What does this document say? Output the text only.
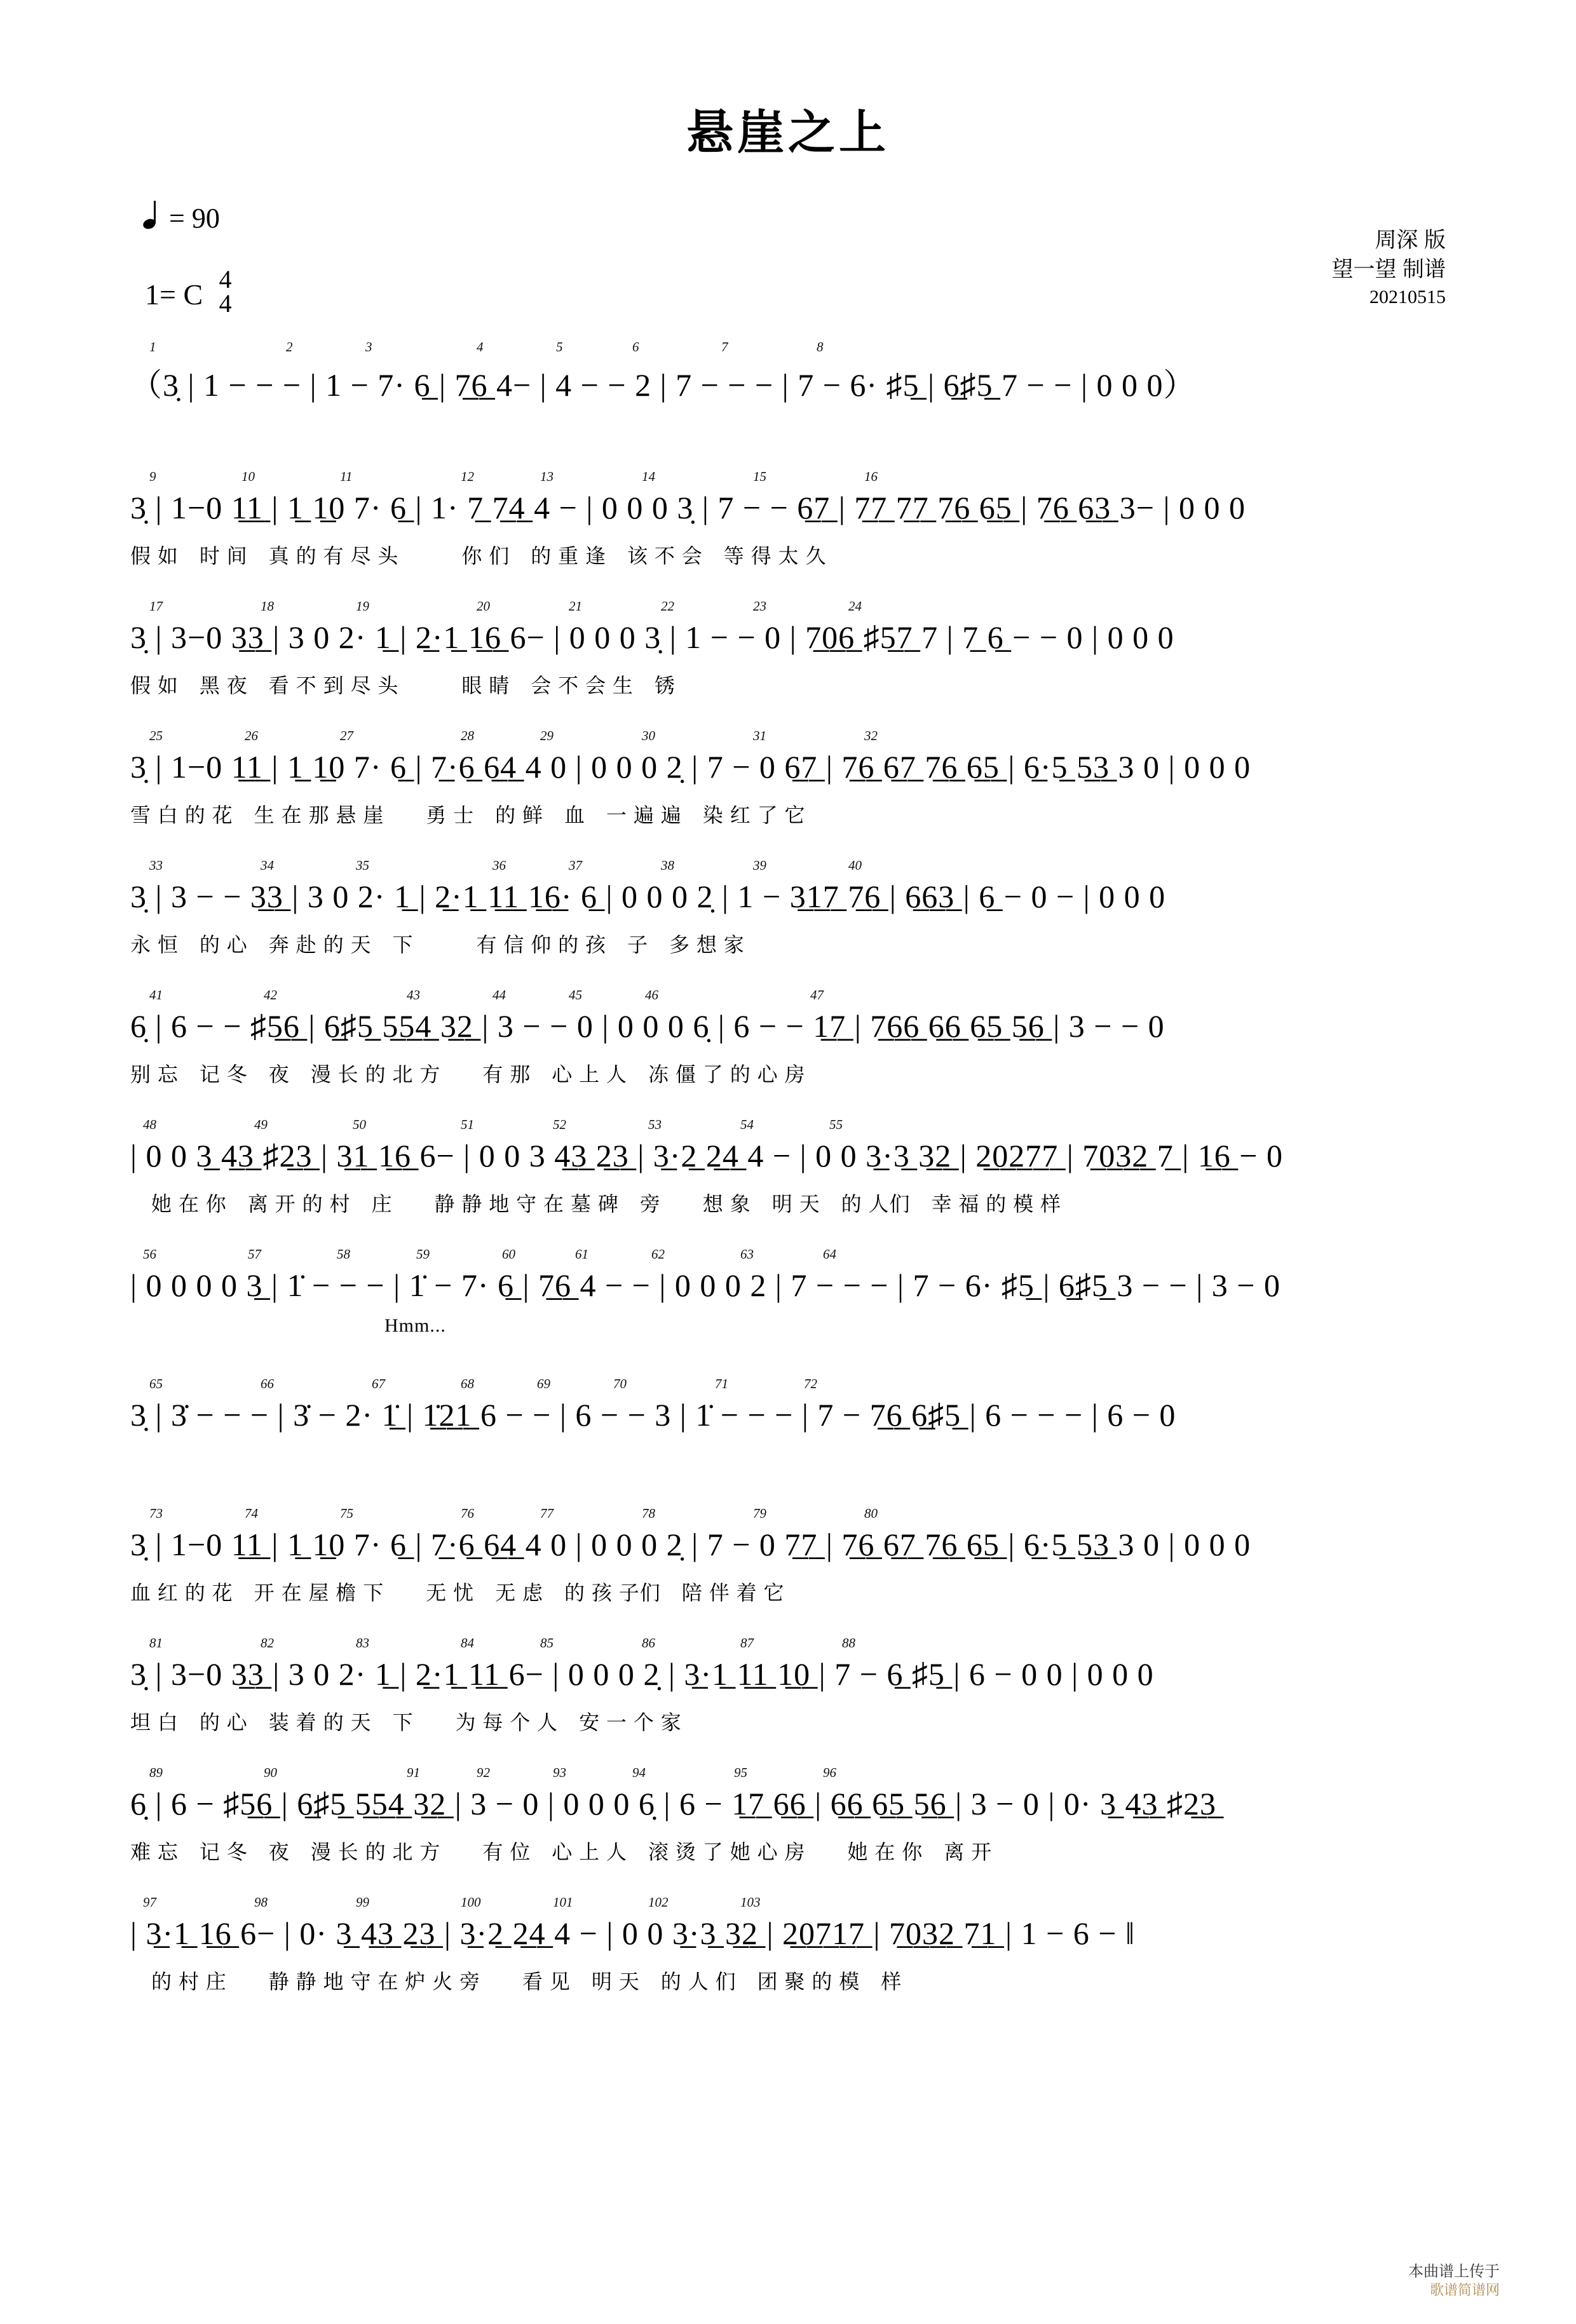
悬崖之上
= 90
1= C 4
4
周深 版
望一望 制谱
20210515
1	2	3	4	5	6	7	8
（3̣ | 1 − − − | 1 − 7· 6̲ | 7̲6̲ 4− | 4 − − 2 | 7 − − − | 7 − 6· ♯5̲ | 6̲♯5̲ 7 − − | 0 0 0）
9	10	11	12	13	14	15	16
3̣ | 1−0 1̲1̲ | 1̲ 1̲0 7· 6̲ | 1· 7̲ 7̲4̲ 4 − | 0 0 0 3̣ | 7 − − 6̲7̲ | 7̲7̲ 7̲7̲ 7̲6̲ 6̲5̲ | 7̲6̲ 6̲3̲ 3− | 0 0 0
假 如　时 间　真 的 有 尽 头　　　你 们　的 重 逢　该 不 会　等 得 太 久
17	18	19	20	21	22	23	24
3̣ | 3−0 3̲3̲ | 3 0 2· 1̲ | 2̲·1̲ 1̲6̲ 6− | 0 0 0 3̣ | 1 − − 0 | 7̲0̲6̲ ♯5̲7̲ 7 | 7̲ 6̲ − − 0 | 0 0 0
假 如　黑 夜　看 不 到 尽 头　　　眼 睛　会 不 会 生　锈
25	26	27	28	29	30	31	32
3̣ | 1−0 1̲1̲ | 1̲ 1̲0 7· 6̲ | 7̲·6̲ 6̲4̲ 4 0 | 0 0 0 2̣ | 7 − 0 6̲7̲ | 7̲6̲ 6̲7̲ 7̲6̲ 6̲5̲ | 6̲·5̲ 5̲3̲ 3 0 | 0 0 0
雪 白 的 花　生 在 那 悬 崖　　勇 士　的 鲜　血　一 遍 遍　染 红 了 它
33	34	35	36	37	38	39	40
3̣ | 3 − − 3̲3̲ | 3 0 2· 1̲ | 2̲·1̲ 1̲1̲ 1̲6̲· 6̲ | 0 0 0 2̣ | 1 − 3̲1̲7̲ 7̲6̲ | 6̲6̲3̲ | 6̲ − 0 − | 0 0 0
永 恒　的 心　奔 赴 的 天　下　　　有 信 仰 的 孩　子　多 想 家
41	42	43	44	45	46	47
6̣ | 6 − − ♯5̲6̲ | 6̲♯5̲ 5̲5̲4̲ 3̲2̲ | 3 − − 0 | 0 0 0 6̣ | 6 − − 1̲7̲ | 7̲6̲6̲ 6̲6̲ 6̲5̲ 5̲6̲ | 3 − − 0
别 忘　记 冬　夜　漫 长 的 北 方　　有 那　心 上 人　冻 僵 了 的 心 房
48	49	50	51	52	53	54	55
| 0 0 3̲ 4̲3̲ ♯2̲3̲ | 3̲1̲ 1̲6̲ 6− | 0 0 3 4̲3̲ 2̲3̲ | 3̲·2̲ 2̲4̲ 4 − | 0 0 3̲·3̲ 3̲2̲ | 2̲0̲2̲7̲7̲ | 7̲0̲3̲2̲ 7̲ | 1̲6̲ − 0
　她 在 你　离 开 的 村　庄　　静 静 地 守 在 墓 碑　旁　　想 象　明 天　的 人们　幸 福 的 模 样
56	57	58	59	60	61	62	63	64
| 0 0 0 0 3̲ | 1̇ − − − | 1̇ − 7· 6̲ | 7̲6̲ 4 − − | 0 0 0 2 | 7 − − − | 7 − 6· ♯5̲ | 6̲♯5̲ 3 − − | 3 − 0
Hmm...
65	66	67	68	69	70	71	72
3̣ | 3̇ − − − | 3̇ − 2· 1̲̇ | 1̲̇2̲1̲ 6 − − | 6 − − 3 | 1̇ − − − | 7 − 7̲6̲ 6̲♯5̲ | 6 − − − | 6 − 0
73	74	75	76	77	78	79	80
3̣ | 1−0 1̲1̲ | 1̲ 1̲0 7· 6̲ | 7̲·6̲ 6̲4̲ 4 0 | 0 0 0 2̣ | 7 − 0 7̲7̲ | 7̲6̲ 6̲7̲ 7̲6̲ 6̲5̲ | 6̲·5̲ 5̲3̲ 3 0 | 0 0 0
血 红 的 花　开 在 屋 檐 下　　无 忧　无 虑　的 孩 子们　陪 伴 着 它
81	82	83	84	85	86	87	88
3̣ | 3−0 3̲3̲ | 3 0 2· 1̲ | 2̲·1̲ 1̲1̲ 6− | 0 0 0 2̣ | 3̲·1̲ 1̲1̲ 1̲0̲ | 7 − 6̲ ♯5̲ | 6 − 0 0 | 0 0 0
坦 白　的 心　装 着 的 天　下　　为 每 个 人　安 一 个 家
89	90	91	92	93	94	95	96
6̣ | 6 − ♯5̲6̲ | 6̲♯5̲ 5̲5̲4̲ 3̲2̲ | 3 − 0 | 0 0 0 6̣ | 6 − 1̲7̲ 6̲6̲ | 6̲6̲ 6̲5̲ 5̲6̲ | 3 − 0 | 0· 3̲ 4̲3̲ ♯2̲3̲
难 忘　记 冬　夜　漫 长 的 北 方　　有 位　心 上 人　滚 烫 了 她 心 房　　她 在 你　离 开
97	98	99	100	101	102	103
| 3̲·1̲ 1̲6̲ 6− | 0· 3̲ 4̲3̲ 2̲3̲ | 3̲·2̲ 2̲4̲ 4 − | 0 0 3̲·3̲ 3̲2̲ | 2̲0̲7̲1̲7̲ | 7̲0̲3̲2̲ 7̲1̲ | 1 − 6 − ‖
　的 村 庄　　静 静 地 守 在 炉 火 旁　　看 见　明 天　的 人 们　团 聚 的 模　样
本曲谱上传于
歌谱简谱网
